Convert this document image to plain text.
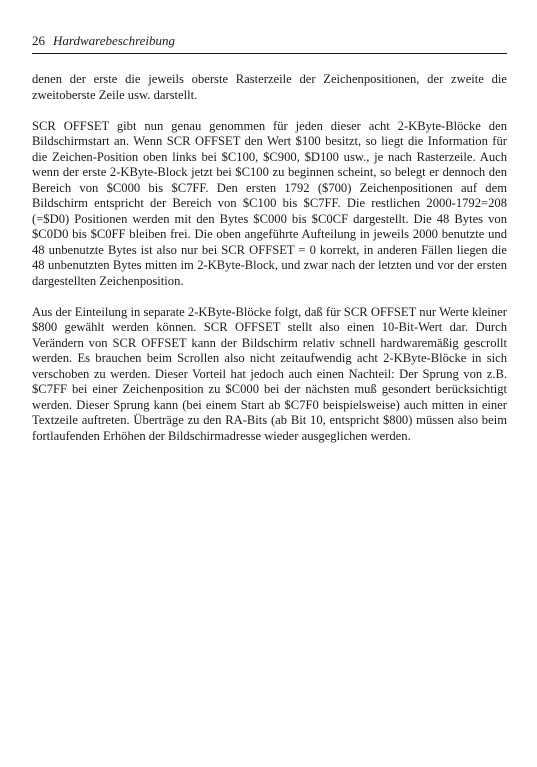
26 Hardwarebeschreibung

denen der erste die jeweils oberste Rasterzeile der Zeichenpositionen, der zweite die zweitoberste Zeile usw. darstellt.

SCR OFFSET gibt nun genau genommen für jeden dieser acht 2-KByte-Blöcke den Bildschirmstart an. Wenn SCR OFFSET den Wert $100 besitzt, so liegt die Information für die Zeichen-Position oben links bei $C100, $C900, $D100 usw., je nach Rasterzeile. Auch wenn der erste 2-KByte-Block jetzt bei $C100 zu beginnen scheint, so belegt er dennoch den Bereich von $C000 bis $C7FF. Den ersten 1792 ($700) Zeichenpositionen auf dem Bildschirm entspricht der Bereich von $C100 bis $C7FF. Die restlichen 2000-1792=208 (=$D0) Positionen werden mit den Bytes $C000 bis $C0CF dargestellt. Die 48 Bytes von $C0D0 bis $C0FF bleiben frei. Die oben angeführte Aufteilung in jeweils 2000 benutzte und 48 unbenutzte Bytes ist also nur bei SCR OFFSET = 0 korrekt, in anderen Fällen liegen die 48 unbenutzten Bytes mitten im 2-KByte-Block, und zwar nach der letzten und vor der ersten dargestellten Zeichenposition.

Aus der Einteilung in separate 2-KByte-Blöcke folgt, daß für SCR OFFSET nur Werte kleiner $800 gewählt werden können. SCR OFFSET stellt also einen 10-Bit-Wert dar. Durch Verändern von SCR OFFSET kann der Bildschirm relativ schnell hardwaremäßig gescrollt werden. Es brauchen beim Scrollen also nicht zeitaufwendig acht 2-KByte-Blöcke in sich verschoben zu werden. Dieser Vorteil hat jedoch auch einen Nachteil: Der Sprung von z.B. $C7FF bei einer Zeichenposition zu $C000 bei der nächsten muß gesondert berücksichtigt werden. Dieser Sprung kann (bei einem Start ab $C7F0 beispielsweise) auch mitten in einer Textzeile auftreten. Überträge zu den RA-Bits (ab Bit 10, entspricht $800) müssen also beim fortlaufenden Erhöhen der Bildschirmadresse wieder ausgeglichen werden.
